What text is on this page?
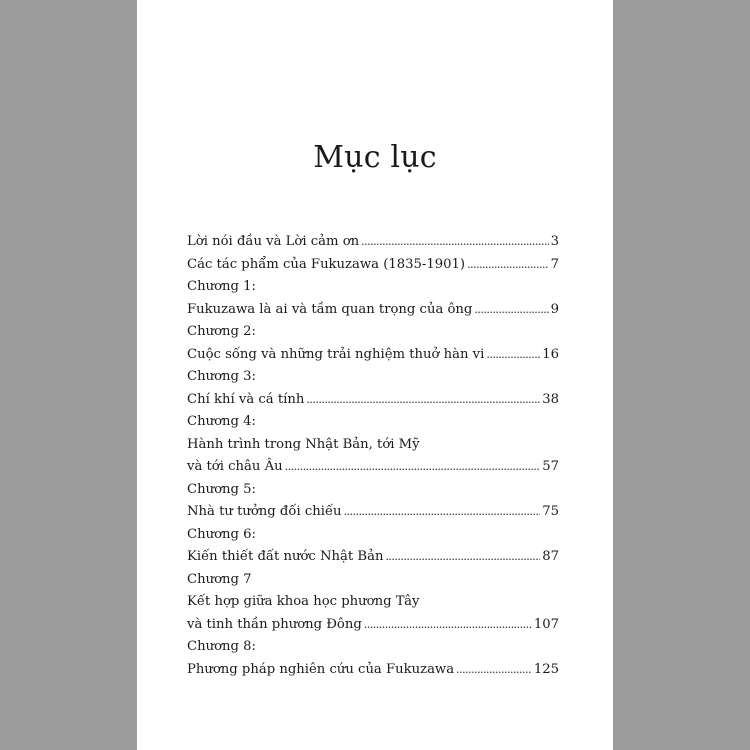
Mục lục
Lời nói đầu và Lời cảm ơn .....	3
Các tác phẩm của Fukuzawa (1835-1901) .....	7
Chương 1:
Fukuzawa là ai và tầm quan trọng của ông .....	9
Chương 2:
Cuộc sống và những trải nghiệm thuở hàn vi .....	16
Chương 3:
Chí khí và cá tính .....	38
Chương 4:
Hành trình trong Nhật Bản, tới Mỹ
và tới châu Âu .....	57
Chương 5:
Nhà tư tưởng đối chiếu .....	75
Chương 6:
Kiến thiết đất nước Nhật Bản .....	87
Chương 7
Kết hợp giữa khoa học phương Tây
và tinh thần phương Đông .....	107
Chương 8:
Phương pháp nghiên cứu của Fukuzawa .....	125
